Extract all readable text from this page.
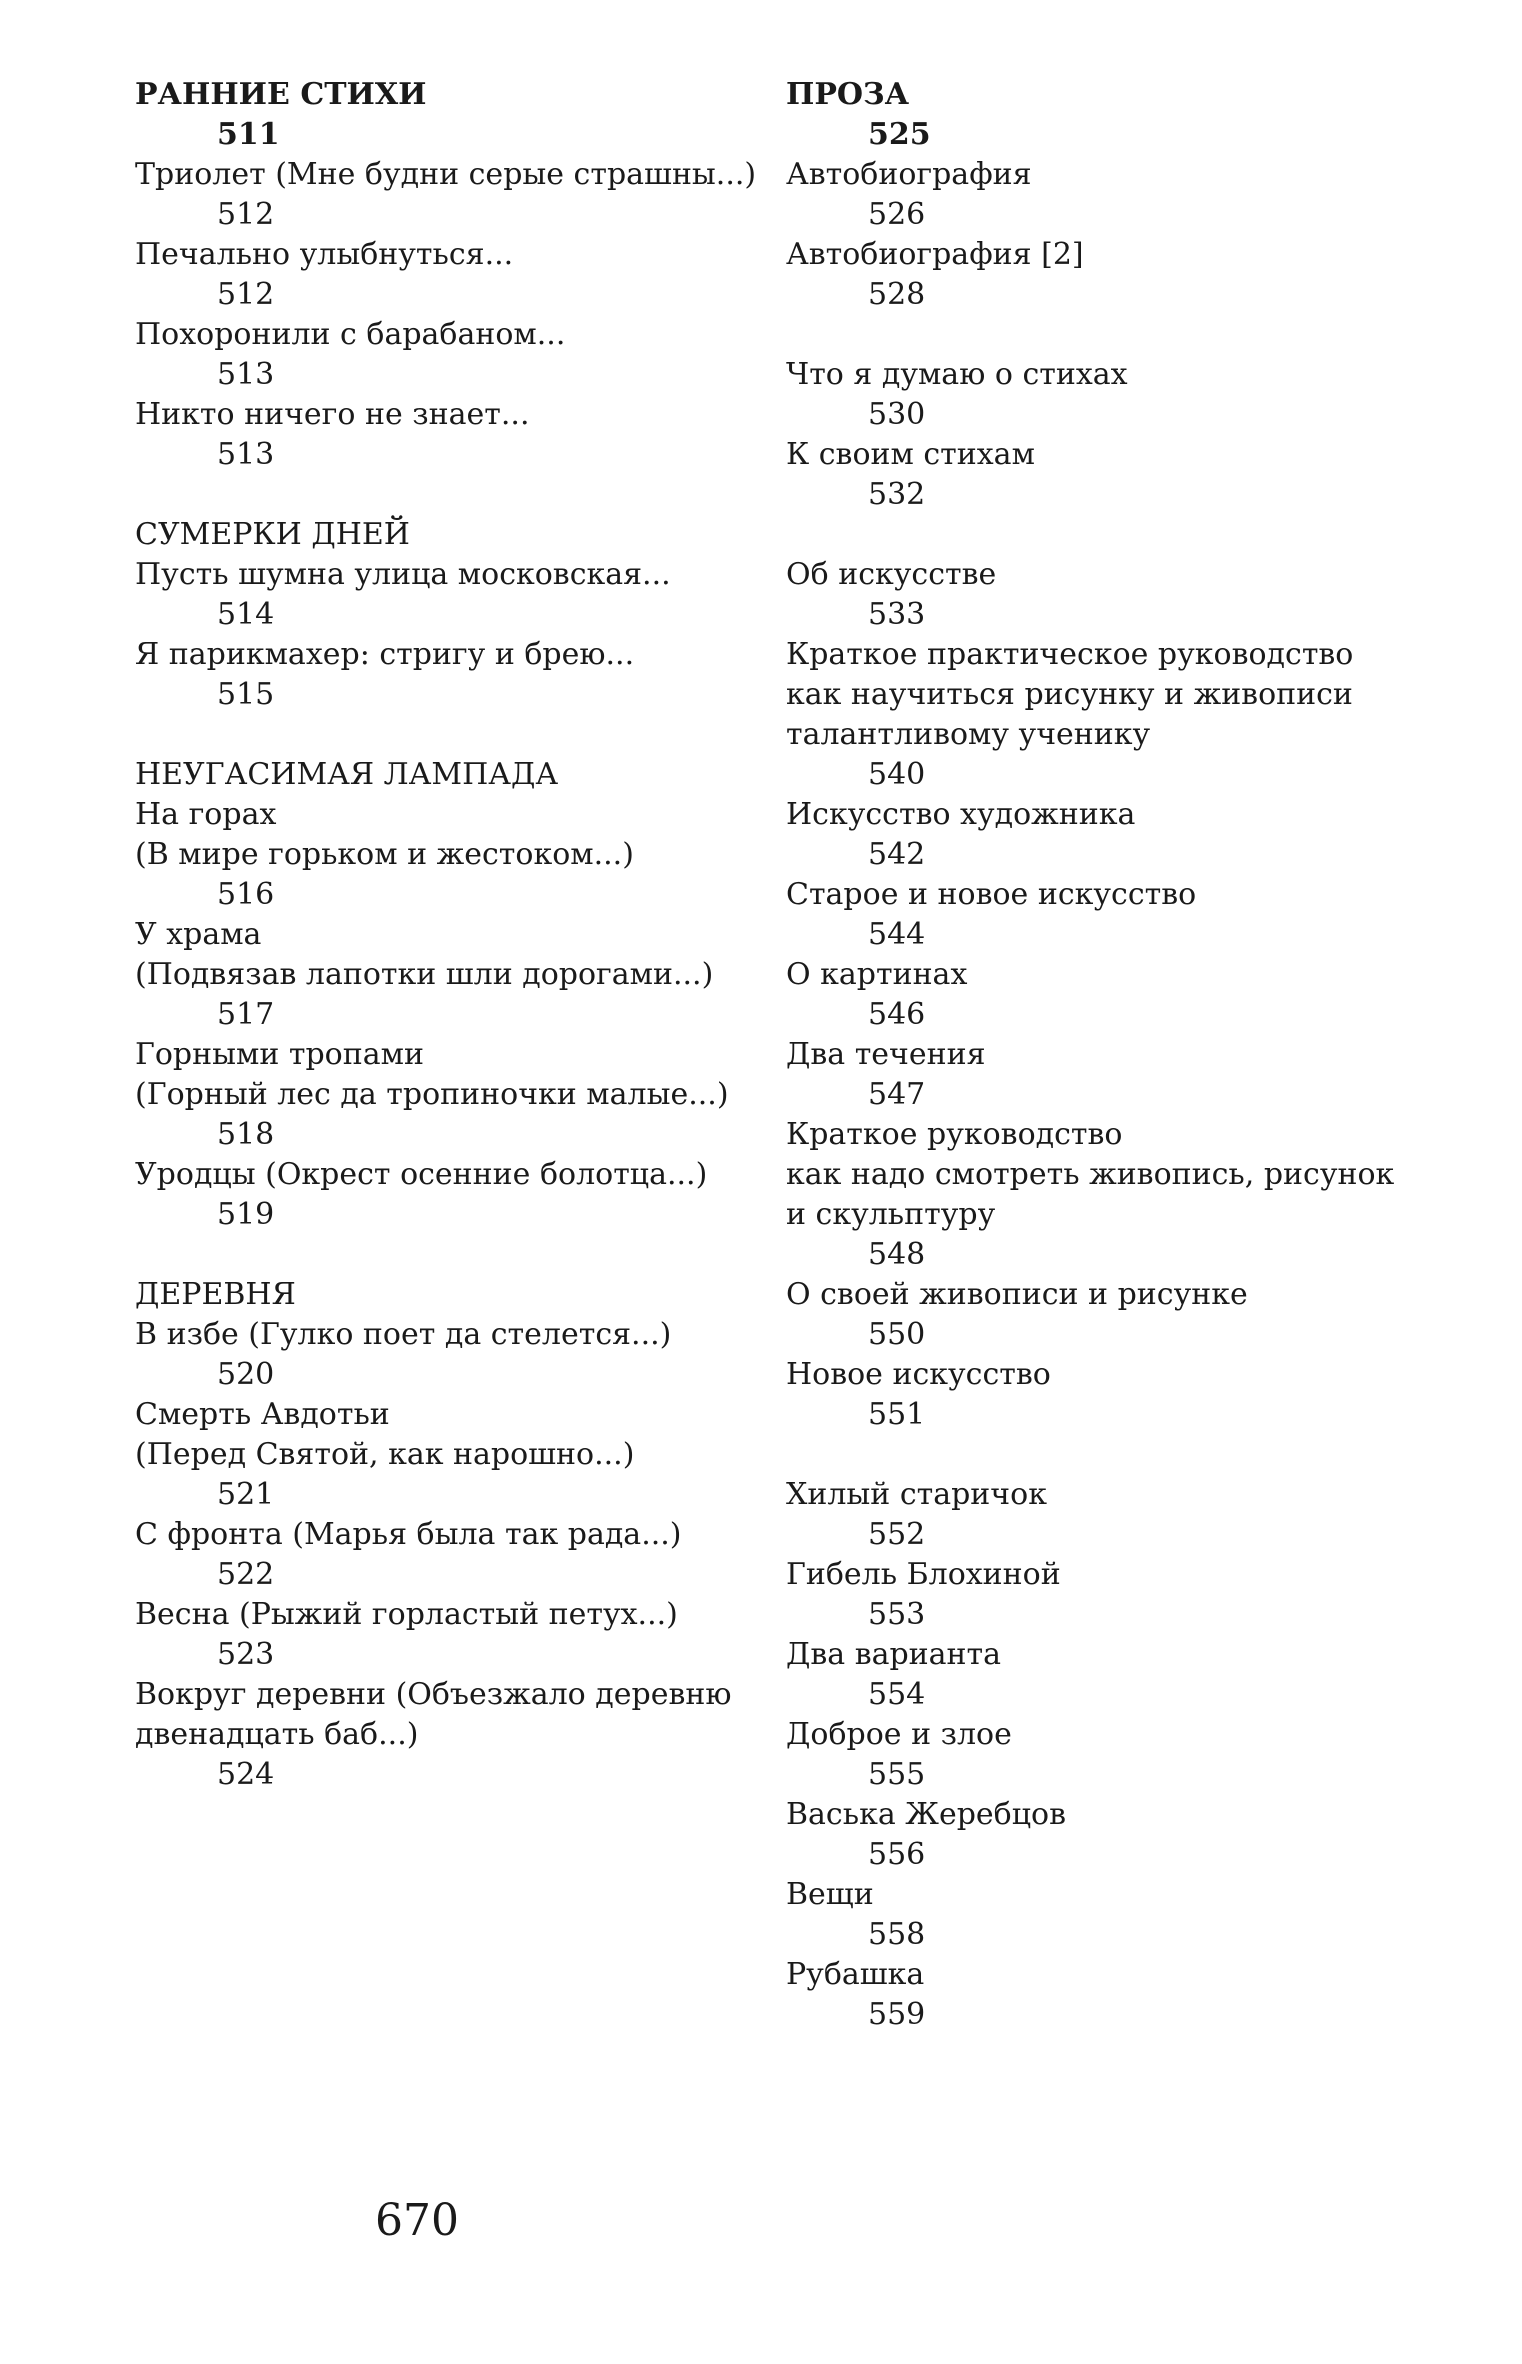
РАННИЕ СТИХИ
511
Триолет (Мне будни серые страшны...)
512
Печально улыбнуться...
512
Похоронили с барабаном...
513
Никто ничего не знает...
513
СУМЕРКИ ДНЕЙ
Пусть шумна улица московская...
514
Я парикмахер: стригу и брею...
515
НЕУГАСИМАЯ ЛАМПАДА
На горах
(В мире горьком и жестоком...)
516
У храма
(Подвязав лапотки шли дорогами...)
517
Горными тропами
(Горный лес да тропиночки малые...)
518
Уродцы (Окрест осенние болотца...)
519
ДЕРЕВНЯ
В избе (Гулко поет да стелется...)
520
Смерть Авдотьи
(Перед Святой, как нарошно...)
521
С фронта (Марья была так рада...)
522
Весна (Рыжий горластый петух...)
523
Вокруг деревни (Объезжало деревню
двенадцать баб...)
524
ПРОЗА
525
Автобиография
526
Автобиография [2]
528
Что я думаю о стихах
530
К своим стихам
532
Об искусстве
533
Краткое практическое руководство
как научиться рисунку и живописи
талантливому ученику
540
Искусство художника
542
Старое и новое искусство
544
О картинах
546
Два течения
547
Краткое руководство
как надо смотреть живопись, рисунок
и скульптуру
548
О своей живописи и рисунке
550
Новое искусство
551
Хилый старичок
552
Гибель Блохиной
553
Два варианта
554
Доброе и злое
555
Васька Жеребцов
556
Вещи
558
Рубашка
559
670
